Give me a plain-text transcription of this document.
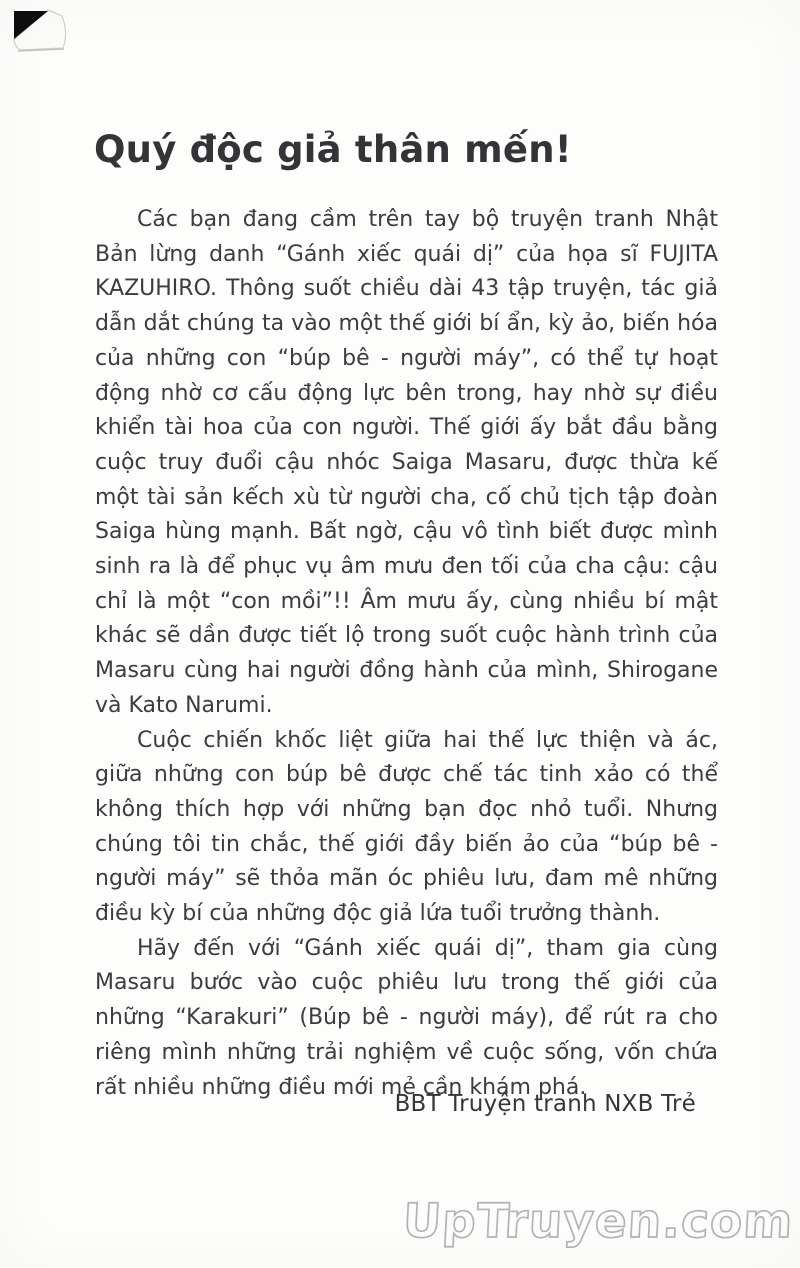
Quý độc giả thân mến!

Các bạn đang cầm trên tay bộ truyện tranh Nhật Bản lừng danh “Gánh xiếc quái dị” của họa sĩ FUJITA KAZUHIRO. Thông suốt chiều dài 43 tập truyện, tác giả dẫn dắt chúng ta vào một thế giới bí ẩn, kỳ ảo, biến hóa của những con “búp bê - người máy”, có thể tự hoạt động nhờ cơ cấu động lực bên trong, hay nhờ sự điều khiển tài hoa của con người. Thế giới ấy bắt đầu bằng cuộc truy đuổi cậu nhóc Saiga Masaru, được thừa kế một tài sản kếch xù từ người cha, cố chủ tịch tập đoàn Saiga hùng mạnh. Bất ngờ, cậu vô tình biết được mình sinh ra là để phục vụ âm mưu đen tối của cha cậu: cậu chỉ là một “con mồi”!! Âm mưu ấy, cùng nhiều bí mật khác sẽ dần được tiết lộ trong suốt cuộc hành trình của Masaru cùng hai người đồng hành của mình, Shirogane và Kato Narumi.

Cuộc chiến khốc liệt giữa hai thế lực thiện và ác, giữa những con búp bê được chế tác tinh xảo có thể không thích hợp với những bạn đọc nhỏ tuổi. Nhưng chúng tôi tin chắc, thế giới đầy biến ảo của “búp bê - người máy” sẽ thỏa mãn óc phiêu lưu, đam mê những điều kỳ bí của những độc giả lứa tuổi trưởng thành.

Hãy đến với “Gánh xiếc quái dị”, tham gia cùng Masaru bước vào cuộc phiêu lưu trong thế giới của những “Karakuri” (Búp bê - người máy), để rút ra cho riêng mình những trải nghiệm về cuộc sống, vốn chứa rất nhiều những điều mới mẻ cần khám phá.

BBT Truyện tranh NXB Trẻ
UpTruyen.com
